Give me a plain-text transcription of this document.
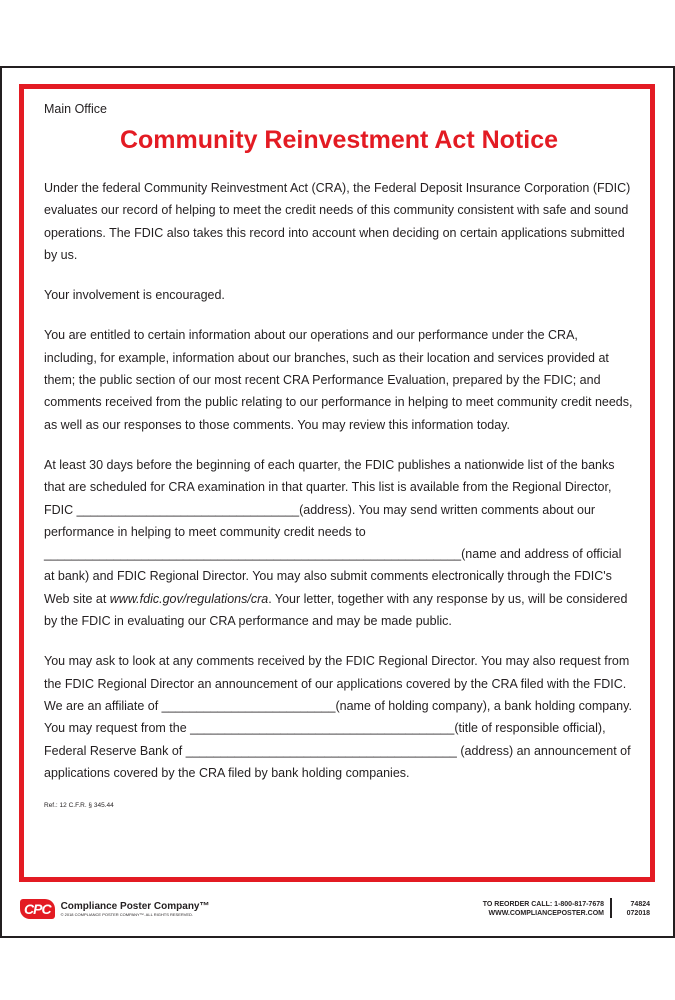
Main Office

Community Reinvestment Act Notice

Under the federal Community Reinvestment Act (CRA), the Federal Deposit Insurance Corporation (FDIC) evaluates our record of helping to meet the credit needs of this community consistent with safe and sound operations. The FDIC also takes this record into account when deciding on certain applications submitted by us.

Your involvement is encouraged.

You are entitled to certain information about our operations and our performance under the CRA, including, for example, information about our branches, such as their location and services provided at them; the public section of our most recent CRA Performance Evaluation, prepared by the FDIC; and comments received from the public relating to our performance in helping to meet community credit needs, as well as our responses to those comments. You may review this information today.

At least 30 days before the beginning of each quarter, the FDIC publishes a nationwide list of the banks that are scheduled for CRA examination in that quarter. This list is available from the Regional Director, FDIC ________________________________(address). You may send written comments about our performance in helping to meet community credit needs to ____________________________________________________________(name and address of official at bank) and FDIC Regional Director. You may also submit comments electronically through the FDIC's Web site at www.fdic.gov/regulations/cra. Your letter, together with any response by us, will be considered by the FDIC in evaluating our CRA performance and may be made public.

You may ask to look at any comments received by the FDIC Regional Director. You may also request from the FDIC Regional Director an announcement of our applications covered by the CRA filed with the FDIC. We are an affiliate of _________________________(name of holding company), a bank holding company. You may request from the ______________________________________(title of responsible official), Federal Reserve Bank of _______________________________________ (address) an announcement of applications covered by the CRA filed by bank holding companies.

Ref.: 12 C.F.R. § 345.44

CPC	Compliance Poster Company™
© 2018 COMPLIANCE POSTER COMPANY™. ALL RIGHTS RESERVED.
TO REORDER CALL: 1-800-817-7678
WWW.COMPLIANCEPOSTER.COM
74824
072018
